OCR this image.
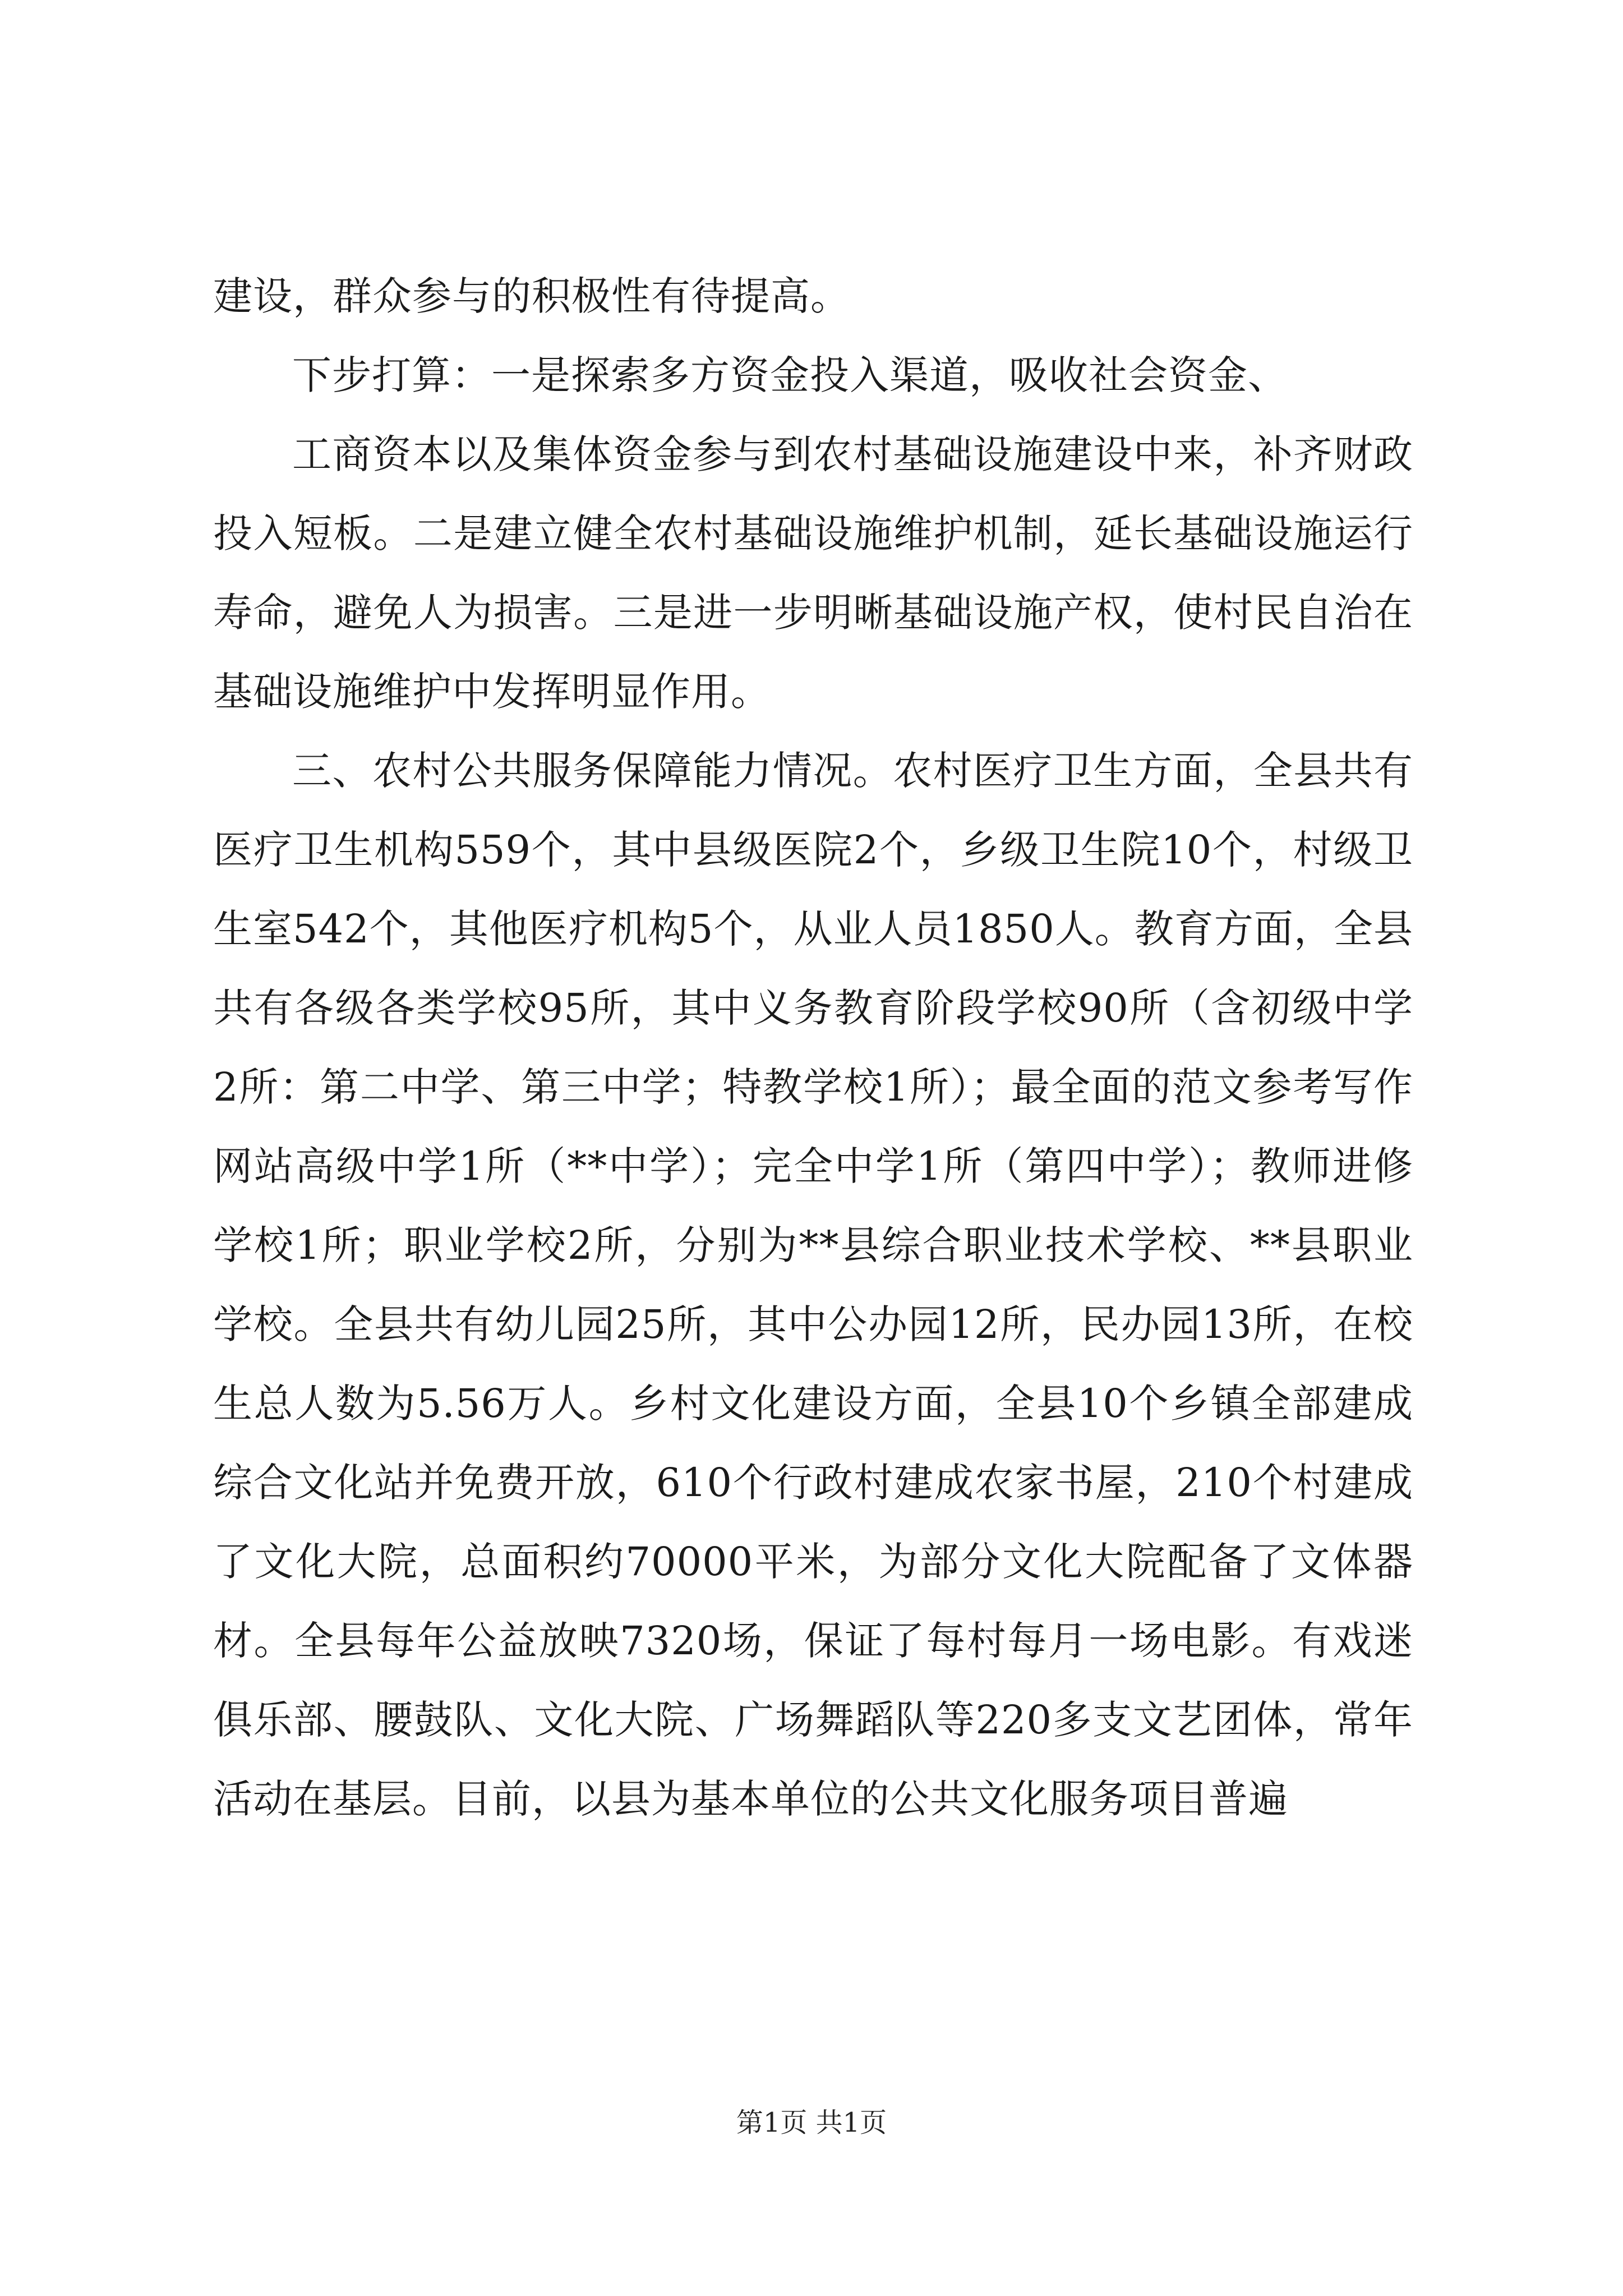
建设，群众参与的积极性有待提高。

下步打算：一是探索多方资金投入渠道，吸收社会资金、

工商资本以及集体资金参与到农村基础设施建设中来，补齐财政投入短板。二是建立健全农村基础设施维护机制，延长基础设施运行寿命，避免人为损害。三是进一步明晰基础设施产权，使村民自治在基础设施维护中发挥明显作用。

三、农村公共服务保障能力情况。农村医疗卫生方面，全县共有医疗卫生机构559个，其中县级医院2个，乡级卫生院10个，村级卫生室542个，其他医疗机构5个，从业人员1850人。教育方面，全县共有各级各类学校95所，其中义务教育阶段学校90所（含初级中学2所：第二中学、第三中学；特教学校1所）；最全面的范文参考写作网站高级中学1所（**中学）；完全中学1所（第四中学）；教师进修学校1所；职业学校2所，分别为**县综合职业技术学校、**县职业学校。全县共有幼儿园25所，其中公办园12所，民办园13所，在校生总人数为5.56万人。乡村文化建设方面，全县10个乡镇全部建成综合文化站并免费开放，610个行政村建成农家书屋，210个村建成了文化大院，总面积约70000平米，为部分文化大院配备了文体器材。全县每年公益放映7320场，保证了每村每月一场电影。有戏迷俱乐部、腰鼓队、文化大院、广场舞蹈队等220多支文艺团体，常年活动在基层。目前，以县为基本单位的公共文化服务项目普遍

第1页 共1页
